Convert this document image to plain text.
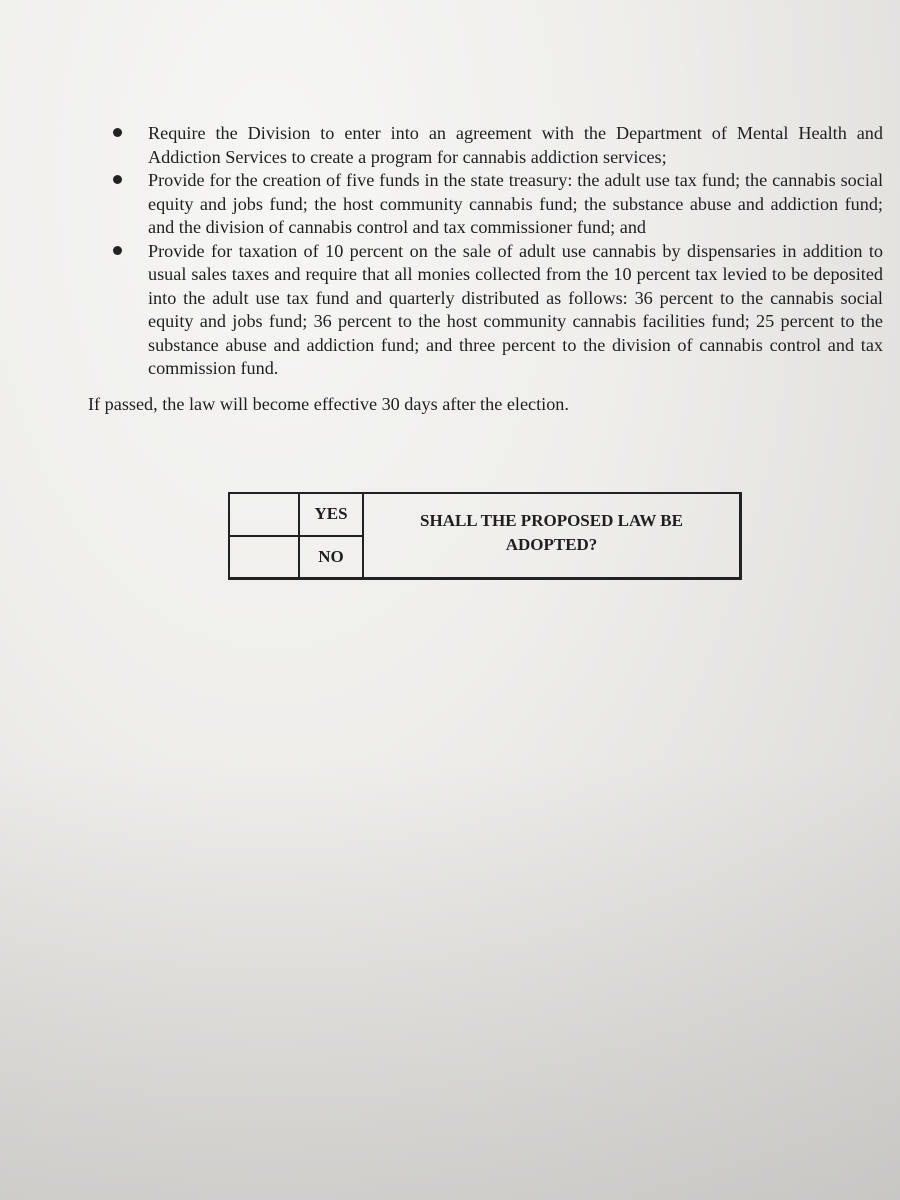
Require the Division to enter into an agreement with the Department of Mental Health and Addiction Services to create a program for cannabis addiction services;
Provide for the creation of five funds in the state treasury: the adult use tax fund; the cannabis social equity and jobs fund; the host community cannabis fund; the substance abuse and addiction fund; and the division of cannabis control and tax commissioner fund; and
Provide for taxation of 10 percent on the sale of adult use cannabis by dispensaries in addition to usual sales taxes and require that all monies collected from the 10 percent tax levied to be deposited into the adult use tax fund and quarterly distributed as follows: 36 percent to the cannabis social equity and jobs fund; 36 percent to the host community cannabis facilities fund; 25 percent to the substance abuse and addiction fund; and three percent to the division of cannabis control and tax commission fund.
If passed, the law will become effective 30 days after the election.
YES
NO
SHALL THE PROPOSED LAW BE ADOPTED?
